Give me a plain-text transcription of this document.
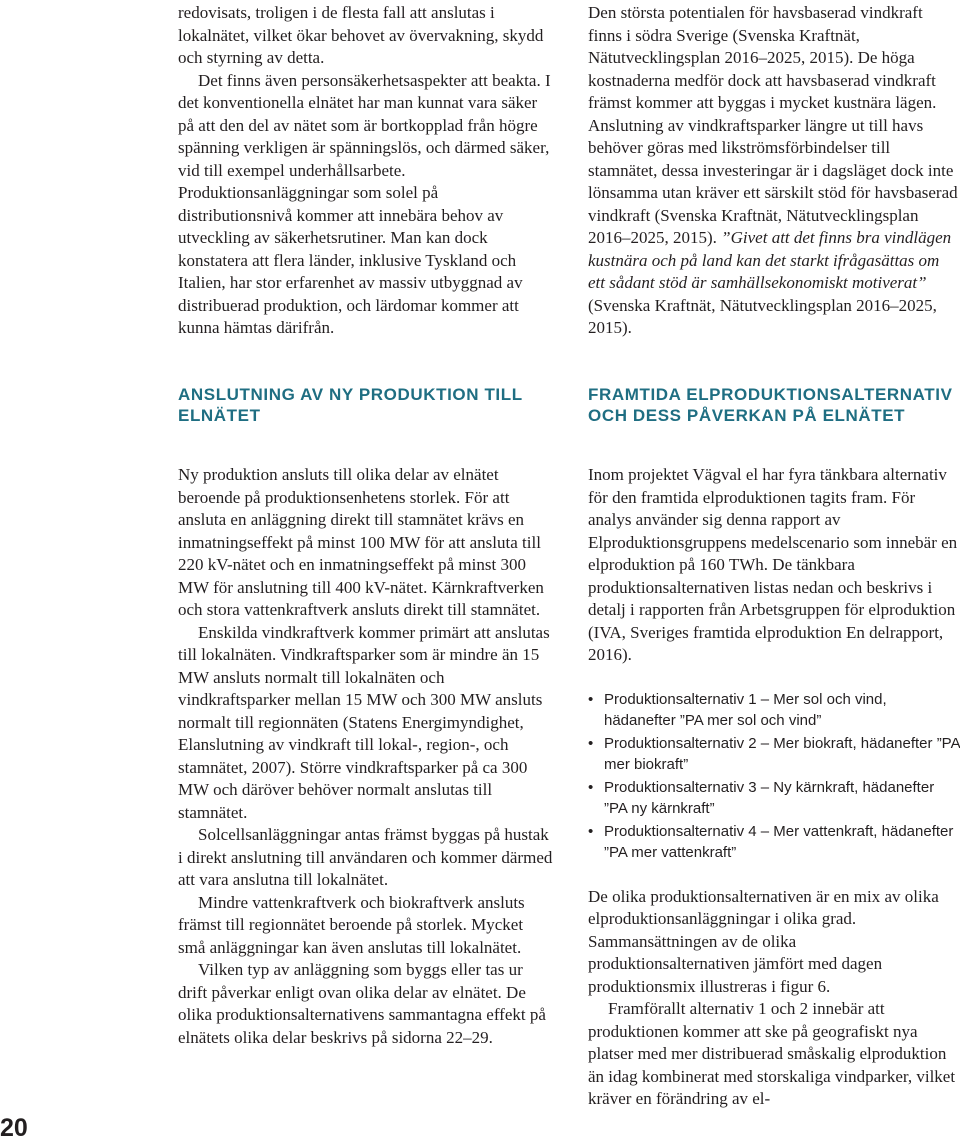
redovisats, troligen i de flesta fall att anslutas i lokalnätet, vilket ökar behovet av övervakning, skydd och styrning av detta.

Det finns även personsäkerhetsaspekter att beakta. I det konventionella elnätet har man kunnat vara säker på att den del av nätet som är bortkopplad från högre spänning verkligen är spänningslös, och därmed säker, vid till exempel underhållsarbete. Produktionsanläggningar som solel på distributionsnivå kommer att innebära behov av utveckling av säkerhetsrutiner. Man kan dock konstatera att flera länder, inklusive Tyskland och Italien, har stor erfarenhet av massiv utbyggnad av distribuerad produktion, och lärdomar kommer att kunna hämtas därifrån.

Den största potentialen för havsbaserad vindkraft finns i södra Sverige (Svenska Kraftnät, Nätutvecklingsplan 2016–2025, 2015). De höga kostnaderna medför dock att havsbaserad vindkraft främst kommer att byggas i mycket kustnära lägen. Anslutning av vindkraftsparker längre ut till havs behöver göras med likströmsförbindelser till stamnätet, dessa investeringar är i dagsläget dock inte lönsamma utan kräver ett särskilt stöd för havsbaserad vindkraft (Svenska Kraftnät, Nätutvecklingsplan 2016–2025, 2015). ”Givet att det finns bra vindlägen kustnära och på land kan det starkt ifrågasättas om ett sådant stöd är samhällsekonomiskt motiverat” (Svenska Kraftnät, Nätutvecklingsplan 2016–2025, 2015).

ANSLUTNING AV NY PRODUKTION TILL ELNÄTET

Ny produktion ansluts till olika delar av elnätet beroende på produktionsenhetens storlek. För att ansluta en anläggning direkt till stamnätet krävs en inmatningseffekt på minst 100 MW för att ansluta till 220 kV-nätet och en inmatningseffekt på minst 300 MW för anslutning till 400 kV-nätet. Kärnkraftverken och stora vattenkraftverk ansluts direkt till stamnätet.

Enskilda vindkraftverk kommer primärt att anslutas till lokalnäten. Vindkraftsparker som är mindre än 15 MW ansluts normalt till lokalnäten och vindkraftsparker mellan 15 MW och 300 MW ansluts normalt till regionnäten (Statens Energimyndighet, Elanslutning av vindkraft till lokal-, region-, och stamnätet, 2007). Större vindkraftsparker på ca 300 MW och däröver behöver normalt anslutas till stamnätet.

Solcellsanläggningar antas främst byggas på hustak i direkt anslutning till användaren och kommer därmed att vara anslutna till lokalnätet.

Mindre vattenkraftverk och biokraftverk ansluts främst till regionnätet beroende på storlek. Mycket små anläggningar kan även anslutas till lokalnätet.

Vilken typ av anläggning som byggs eller tas ur drift påverkar enligt ovan olika delar av elnätet. De olika produktionsalternativens sammantagna effekt på elnätets olika delar beskrivs på sidorna 22–29.

FRAMTIDA ELPRODUKTIONSALTERNATIV OCH DESS PÅVERKAN PÅ ELNÄTET

Inom projektet Vägval el har fyra tänkbara alternativ för den framtida elproduktionen tagits fram. För analys använder sig denna rapport av Elproduktionsgruppens medelscenario som innebär en elproduktion på 160 TWh. De tänkbara produktionsalternativen listas nedan och beskrivs i detalj i rapporten från Arbetsgruppen för elproduktion (IVA, Sveriges framtida elproduktion En delrapport, 2016).

• Produktionsalternativ 1 – Mer sol och vind, hädanefter ”PA mer sol och vind”
• Produktionsalternativ 2 – Mer biokraft, hädanefter ”PA mer biokraft”
• Produktionsalternativ 3 – Ny kärnkraft, hädanefter ”PA ny kärnkraft”
• Produktionsalternativ 4 – Mer vattenkraft, hädanefter ”PA mer vattenkraft”

De olika produktionsalternativen är en mix av olika elproduktionsanläggningar i olika grad. Sammansättningen av de olika produktionsalternativen jämfört med dagen produktionsmix illustreras i figur 6.

Framförallt alternativ 1 och 2 innebär att produktionen kommer att ske på geografiskt nya platser med mer distribuerad småskalig elproduktion än idag kombinerat med storskaliga vindparker, vilket kräver en förändring av el-

20
